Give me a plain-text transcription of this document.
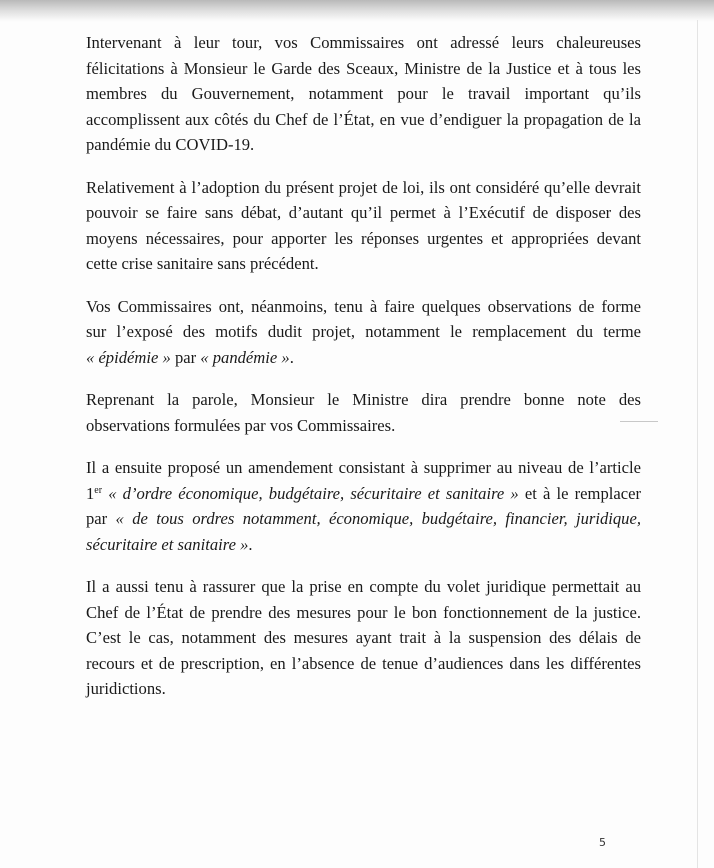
Intervenant à leur tour, vos Commissaires ont adressé leurs chaleureuses
félicitations à Monsieur le Garde des Sceaux, Ministre de la Justice et à tous les
membres du Gouvernement, notamment pour le travail important qu’ils
accomplissent aux côtés du Chef de l’État, en vue d’endiguer la propagation de la
pandémie du COVID-19.

Relativement à l’adoption du présent projet de loi, ils ont considéré qu’elle devrait
pouvoir se faire sans débat, d’autant qu’il permet à l’Exécutif de disposer des
moyens nécessaires, pour apporter les réponses urgentes et appropriées devant
cette crise sanitaire sans précédent.

Vos Commissaires ont, néanmoins, tenu à faire quelques observations de forme
sur l’exposé des motifs dudit projet, notamment le remplacement du terme
« épidémie » par « pandémie ».

Reprenant la parole, Monsieur le Ministre dira prendre bonne note des
observations formulées par vos Commissaires.

Il a ensuite proposé un amendement consistant à supprimer au niveau de l’article
1er « d’ordre économique, budgétaire, sécuritaire et sanitaire » et à le remplacer
par « de tous ordres notamment, économique, budgétaire, financier, juridique,
sécuritaire et sanitaire ».

Il a aussi tenu à rassurer que la prise en compte du volet juridique permettait au
Chef de l’État de prendre des mesures pour le bon fonctionnement de la justice.
C’est le cas, notamment des mesures ayant trait à la suspension des délais de
recours et de prescription, en l’absence de tenue d’audiences dans les différentes
juridictions.

5
